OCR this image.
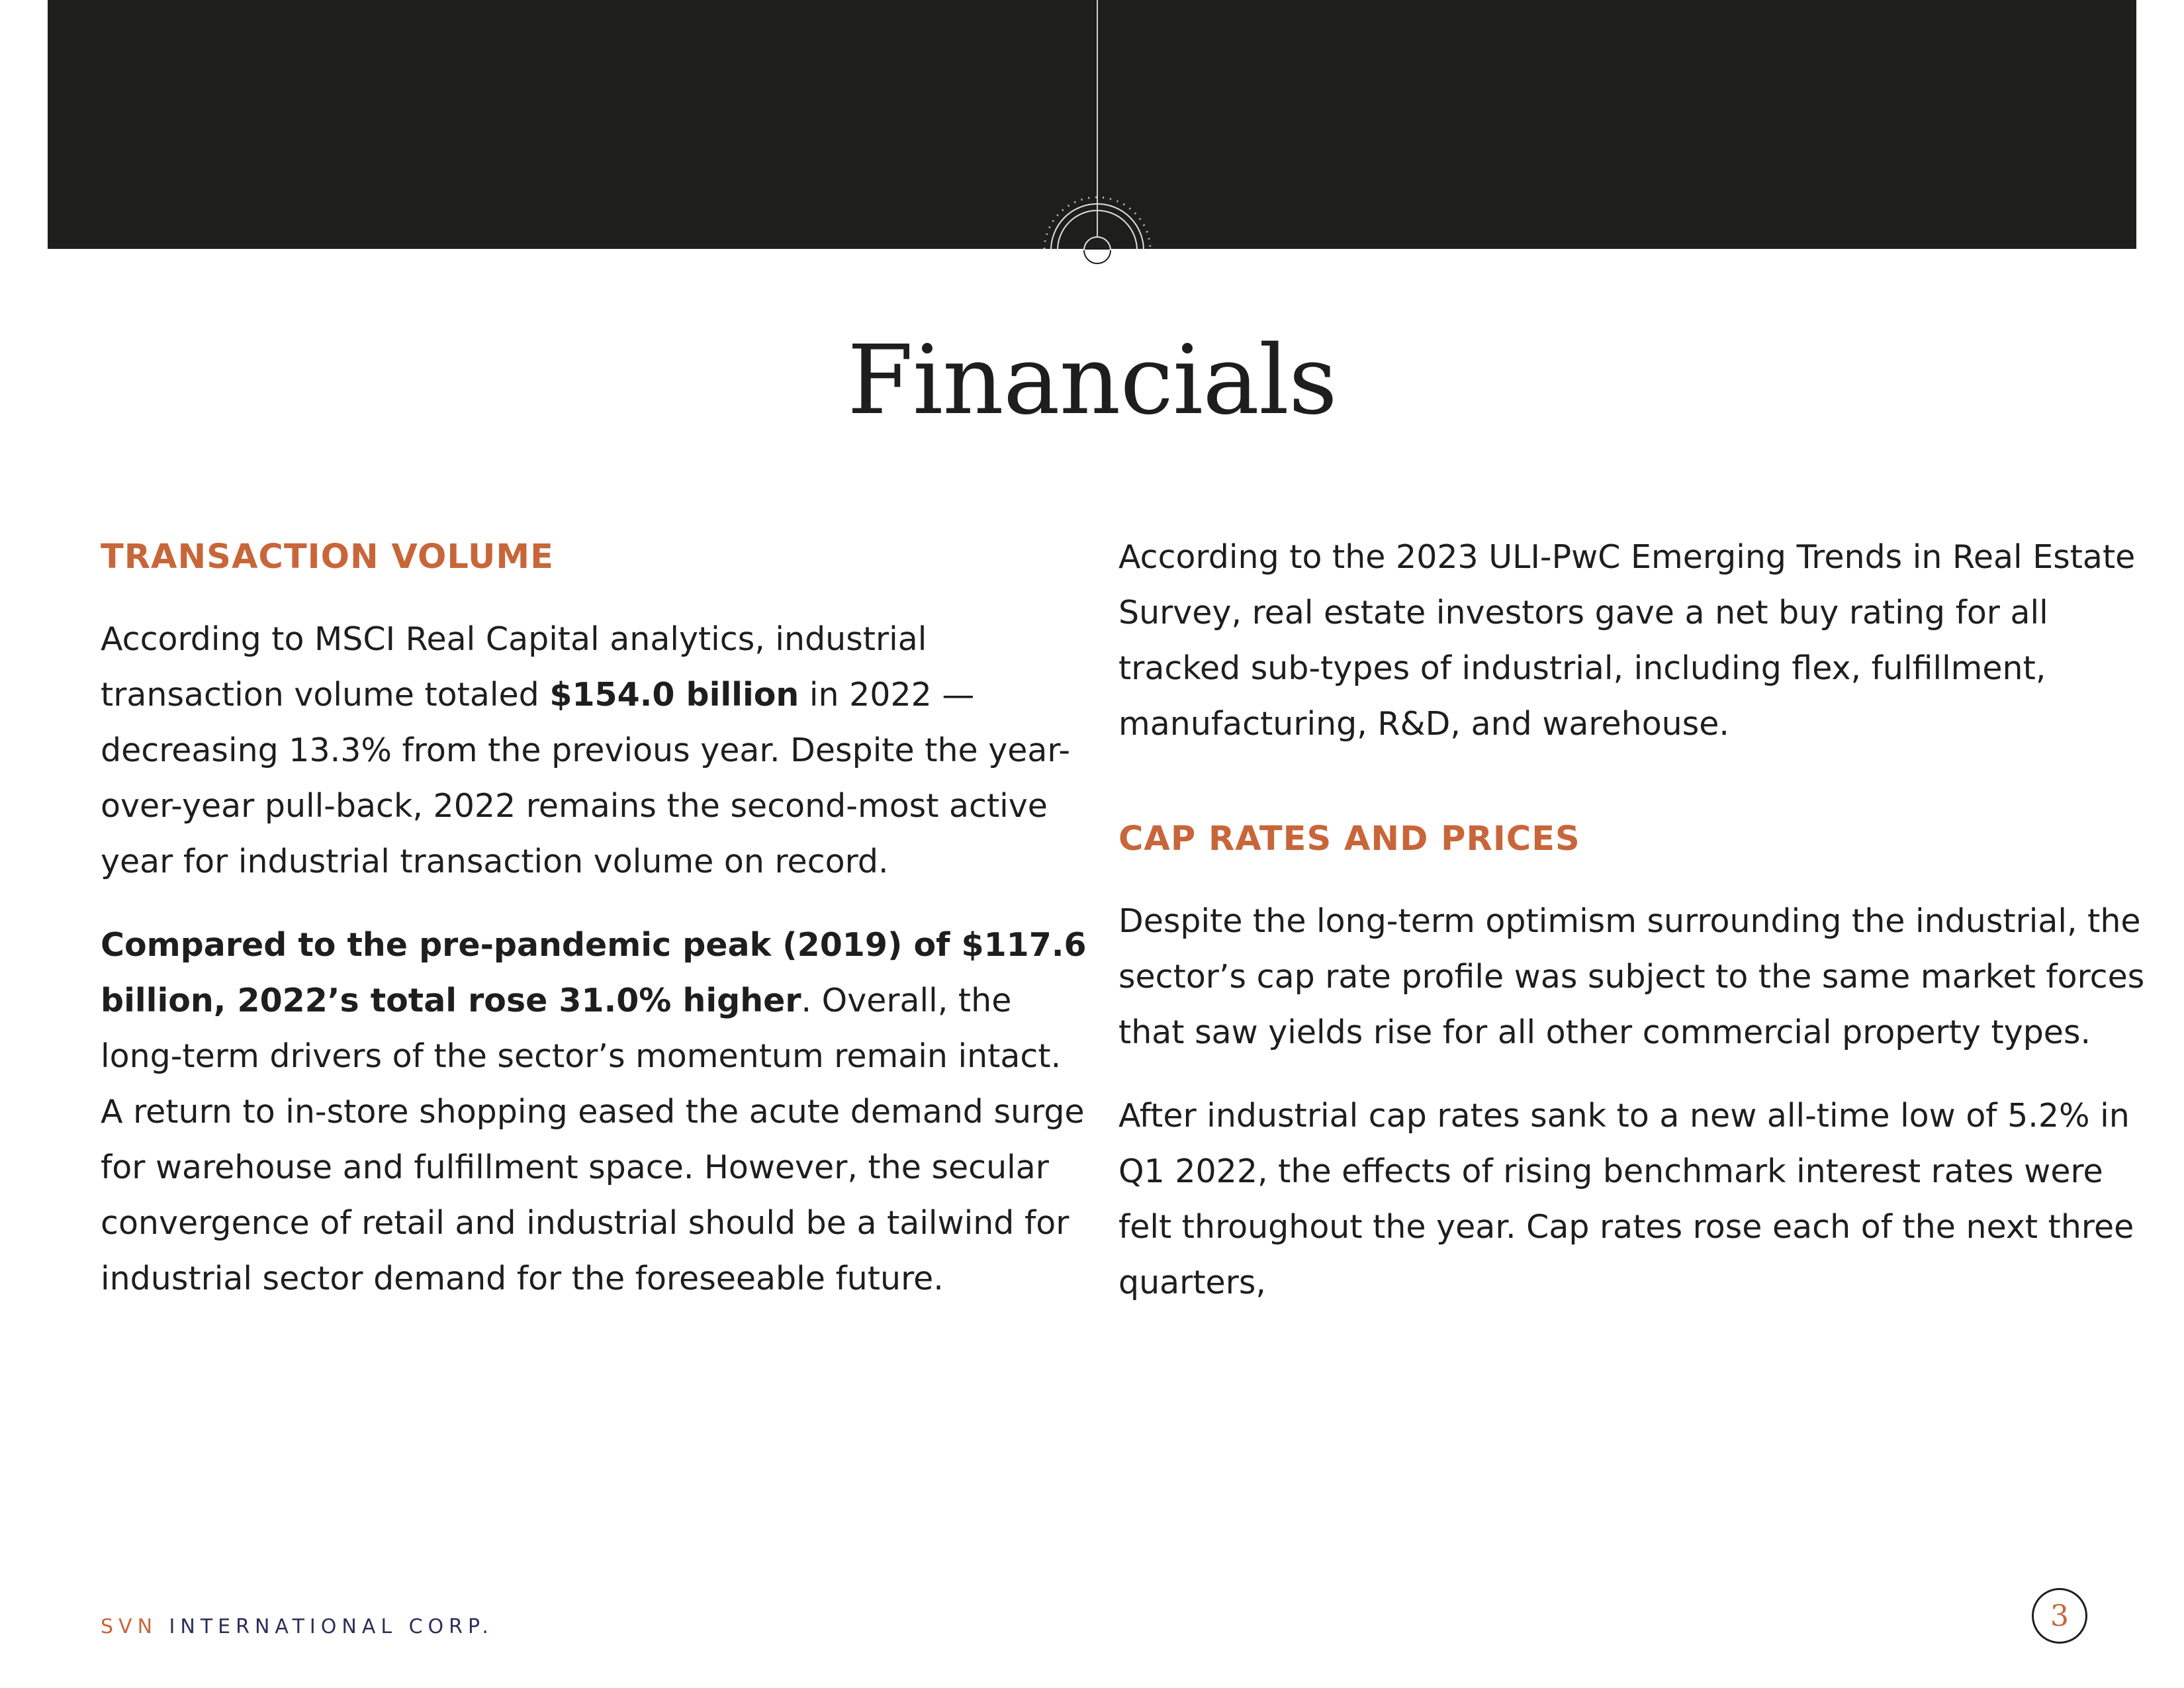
Financials
TRANSACTION VOLUME

According to MSCI Real Capital analytics, industrial transaction volume totaled $154.0 billion in 2022 — decreasing 13.3% from the previous year. Despite the year-over-year pull-back, 2022 remains the second-most active year for industrial transaction volume on record.

Compared to the pre-pandemic peak (2019) of $117.6 billion, 2022’s total rose 31.0% higher. Overall, the long-term drivers of the sector’s momentum remain intact. A return to in-store shopping eased the acute demand surge for warehouse and fulfillment space. However, the secular convergence of retail and industrial should be a tailwind for industrial sector demand for the foreseeable future.

According to the 2023 ULI-PwC Emerging Trends in Real Estate Survey, real estate investors gave a net buy rating for all tracked sub-types of industrial, including flex, fulfillment, manufacturing, R&D, and warehouse.

CAP RATES AND PRICES

Despite the long-term optimism surrounding the industrial, the sector’s cap rate profile was subject to the same market forces that saw yields rise for all other commercial property types.

After industrial cap rates sank to a new all-time low of 5.2% in Q1 2022, the effects of rising benchmark interest rates were felt throughout the year. Cap rates rose each of the next three quarters,

SVN INTERNATIONAL CORP.	3
